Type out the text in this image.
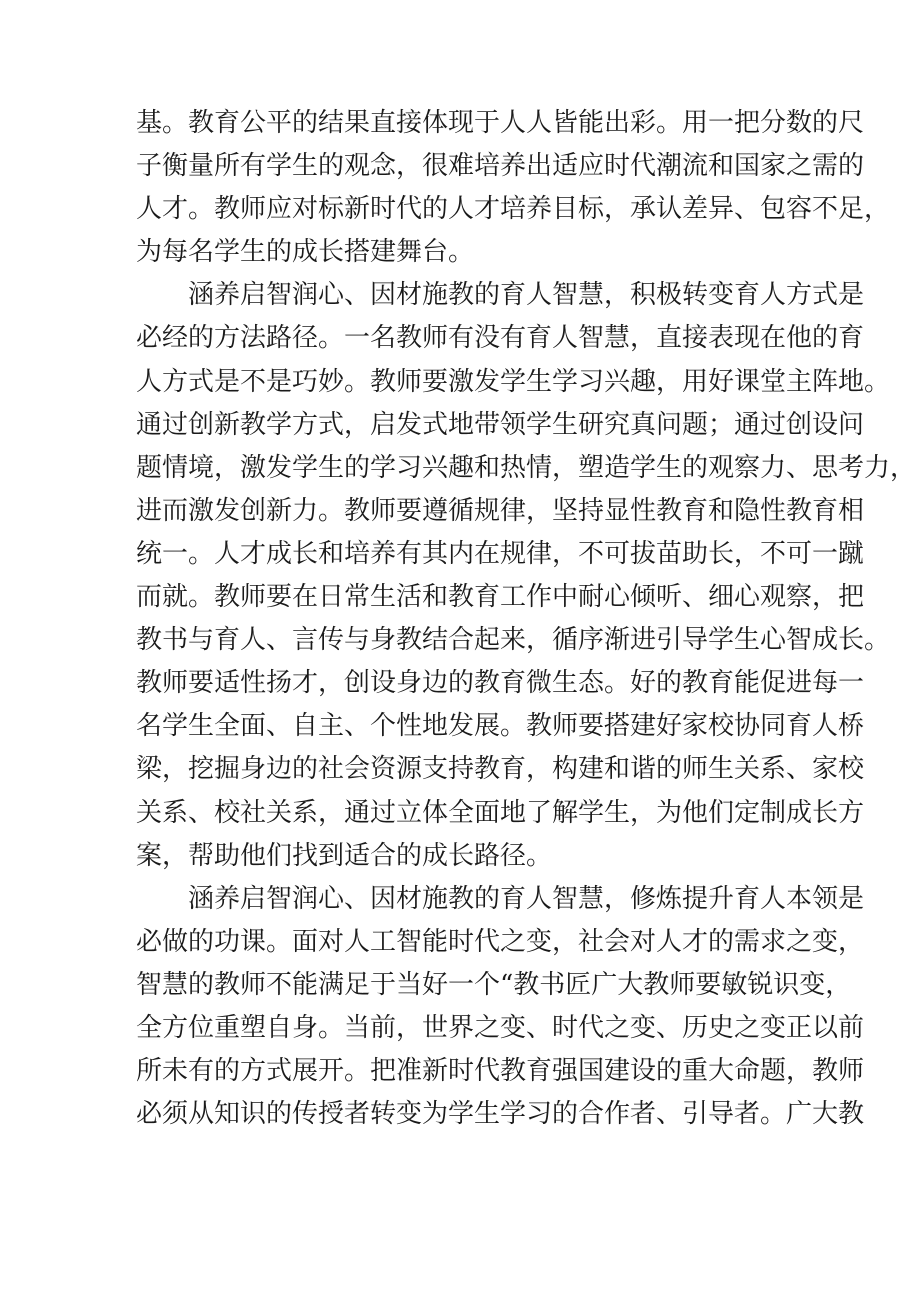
基。教育公平的结果直接体现于人人皆能出彩。用一把分数的尺
子衡量所有学生的观念，很难培养出适应时代潮流和国家之需的
人才。教师应对标新时代的人才培养目标，承认差异、包容不足，
为每名学生的成长搭建舞台。
涵养启智润心、因材施教的育人智慧，积极转变育人方式是
必经的方法路径。一名教师有没有育人智慧，直接表现在他的育
人方式是不是巧妙。教师要激发学生学习兴趣，用好课堂主阵地。
通过创新教学方式，启发式地带领学生研究真问题；通过创设问
题情境，激发学生的学习兴趣和热情，塑造学生的观察力、思考力，
进而激发创新力。教师要遵循规律，坚持显性教育和隐性教育相
统一。人才成长和培养有其内在规律，不可拔苗助长，不可一蹴
而就。教师要在日常生活和教育工作中耐心倾听、细心观察，把
教书与育人、言传与身教结合起来，循序渐进引导学生心智成长。
教师要适性扬才，创设身边的教育微生态。好的教育能促进每一
名学生全面、自主、个性地发展。教师要搭建好家校协同育人桥
梁，挖掘身边的社会资源支持教育，构建和谐的师生关系、家校
关系、校社关系，通过立体全面地了解学生，为他们定制成长方
案，帮助他们找到适合的成长路径。
涵养启智润心、因材施教的育人智慧，修炼提升育人本领是
必做的功课。面对人工智能时代之变，社会对人才的需求之变，
智慧的教师不能满足于当好一个“教书匠广大教师要敏锐识变，
全方位重塑自身。当前，世界之变、时代之变、历史之变正以前
所未有的方式展开。把准新时代教育强国建设的重大命题，教师
必须从知识的传授者转变为学生学习的合作者、引导者。广大教
